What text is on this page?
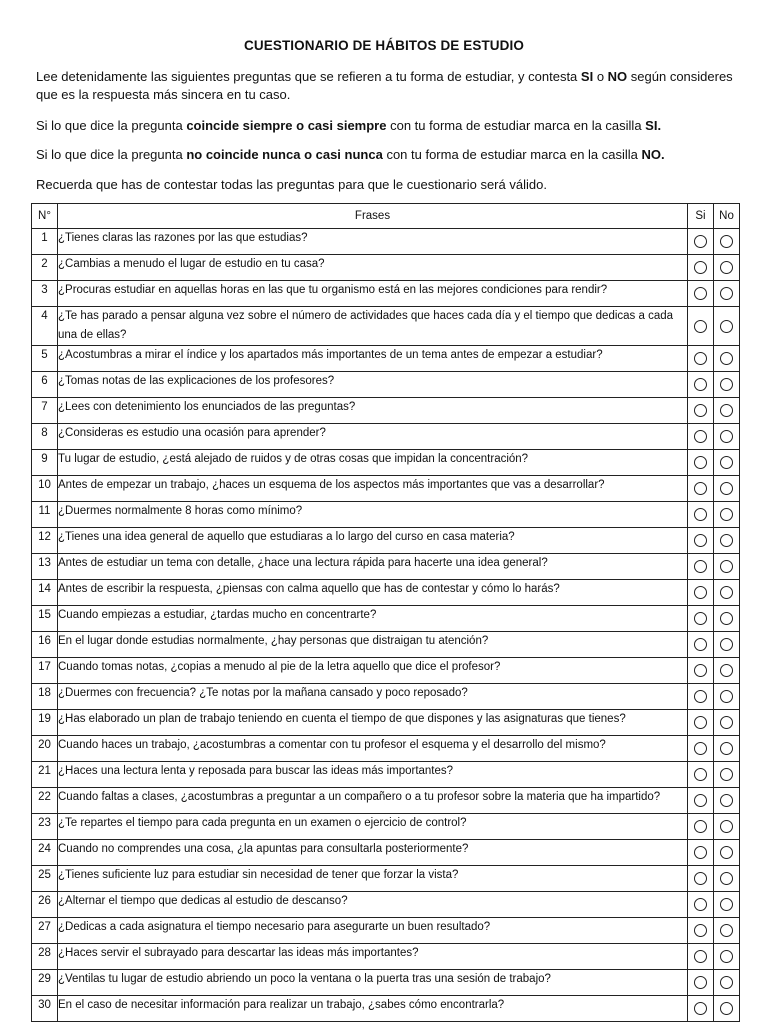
CUESTIONARIO DE HÁBITOS DE ESTUDIO
Lee detenidamente las siguientes preguntas que se refieren a tu forma de estudiar, y contesta SI o NO según consideres que es la respuesta más sincera en tu caso.
Si lo que dice la pregunta coincide siempre o casi siempre con tu forma de estudiar marca en la casilla SI.
Si lo que dice la pregunta no coincide nunca o casi nunca con tu forma de estudiar marca en la casilla NO.
Recuerda que has de contestar todas las preguntas para que le cuestionario será válido.
N°	Frases	Si	No
1	¿Tienes claras las razones por las que estudias?		
2	¿Cambias a menudo el lugar de estudio en tu casa?		
3	¿Procuras estudiar en aquellas horas en las que tu organismo está en las mejores condiciones para rendir?		
4	¿Te has parado a pensar alguna vez sobre el número de actividades que haces cada día y el tiempo que dedicas a cada una de ellas?		
5	¿Acostumbras a mirar el índice y los apartados más importantes de un tema antes de empezar a estudiar?		
6	¿Tomas notas de las explicaciones de los profesores?		
7	¿Lees con detenimiento los enunciados de las preguntas?		
8	¿Consideras es estudio una ocasión para aprender?		
9	Tu lugar de estudio, ¿está alejado de ruidos y de otras cosas que impidan la concentración?		
10	Antes de empezar un trabajo, ¿haces un esquema de los aspectos más importantes que vas a desarrollar?		
11	¿Duermes normalmente 8 horas como mínimo?		
12	¿Tienes una idea general de aquello que estudiaras a lo largo del curso en casa materia?		
13	Antes de estudiar un tema con detalle, ¿hace una lectura rápida para hacerte una idea general?		
14	Antes de escribir la respuesta, ¿piensas con calma aquello que has de contestar y cómo lo harás?		
15	Cuando empiezas a estudiar, ¿tardas mucho en concentrarte?		
16	En el lugar donde estudias normalmente, ¿hay personas que distraigan tu atención?		
17	Cuando tomas notas, ¿copias a menudo al pie de la letra aquello que dice el profesor?		
18	¿Duermes con frecuencia? ¿Te notas por la mañana cansado y poco reposado?		
19	¿Has elaborado un plan de trabajo teniendo en cuenta el tiempo de que dispones y las asignaturas que tienes?		
20	Cuando haces un trabajo, ¿acostumbras a comentar con tu profesor el esquema y el desarrollo del mismo?		
21	¿Haces una lectura lenta y reposada para buscar las ideas más importantes?		
22	Cuando faltas a clases, ¿acostumbras a preguntar a un compañero o a tu profesor sobre la materia que ha impartido?		
23	¿Te repartes el tiempo para cada pregunta en un examen o ejercicio de control?		
24	Cuando no comprendes una cosa, ¿la apuntas para consultarla posteriormente?		
25	¿Tienes suficiente luz para estudiar sin necesidad de tener que forzar la vista?		
26	¿Alternar el tiempo que dedicas al estudio de descanso?		
27	¿Dedicas a cada asignatura el tiempo necesario para asegurarte un buen resultado?		
28	¿Haces servir el subrayado para descartar las ideas más importantes?		
29	¿Ventilas tu lugar de estudio abriendo un poco la ventana o la puerta tras una sesión de trabajo?		
30	En el caso de necesitar información para realizar un trabajo, ¿sabes cómo encontrarla?		
